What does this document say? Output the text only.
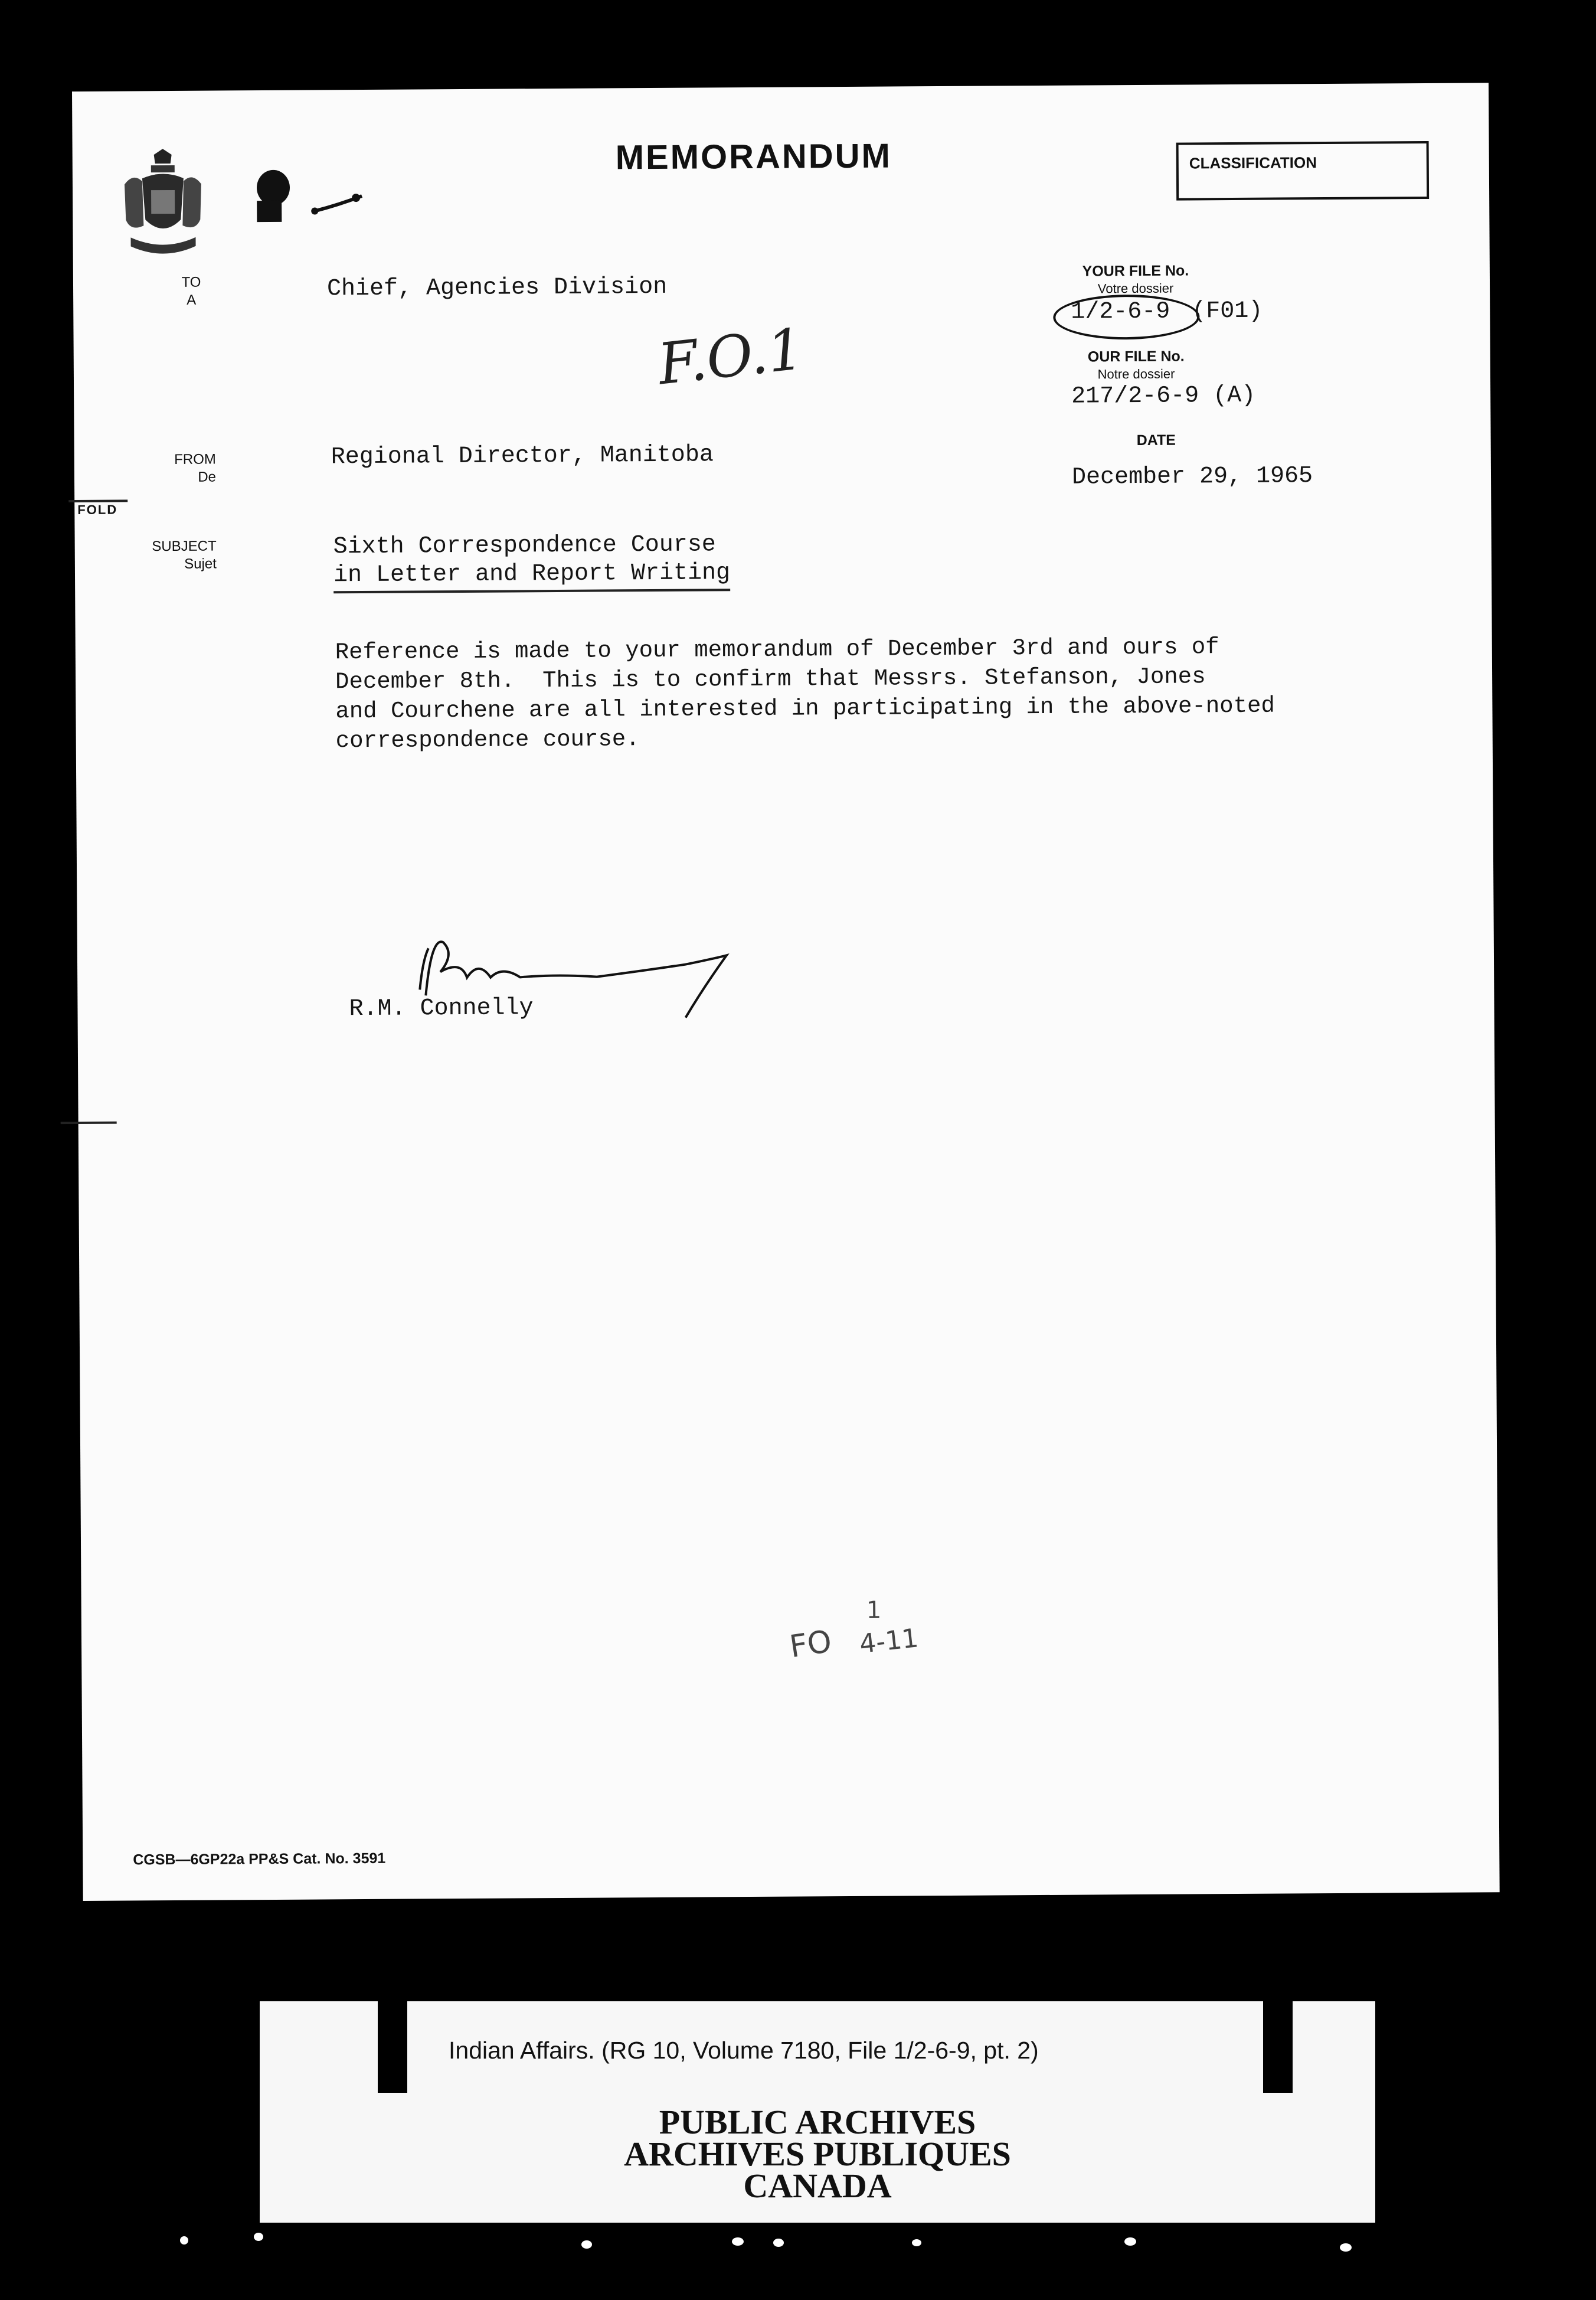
MEMORANDUM	CLASSIFICATION
TO
A	Chief, Agencies Division
F.O.1
YOUR FILE No.
Votre dossier
1/2-6-9 (F01)
OUR FILE No.
Notre dossier
217/2-6-9 (A)
DATE
December 29, 1965
FROM
De
Regional Director, Manitoba
FOLD
SUBJECT
Sujet
Sixth Correspondence Course
in Letter and Report Writing
Reference is made to your memorandum of December 3rd and ours of
December 8th.  This is to confirm that Messrs. Stefanson, Jones
and Courchene are all interested in participating in the above-noted
correspondence course.
R.M. Connelly
FO
1
4-11
CGSB—6GP22a PP&S Cat. No. 3591
Indian Affairs. (RG 10, Volume 7180, File 1/2-6-9, pt. 2)
PUBLIC ARCHIVES
ARCHIVES PUBLIQUES
CANADA
